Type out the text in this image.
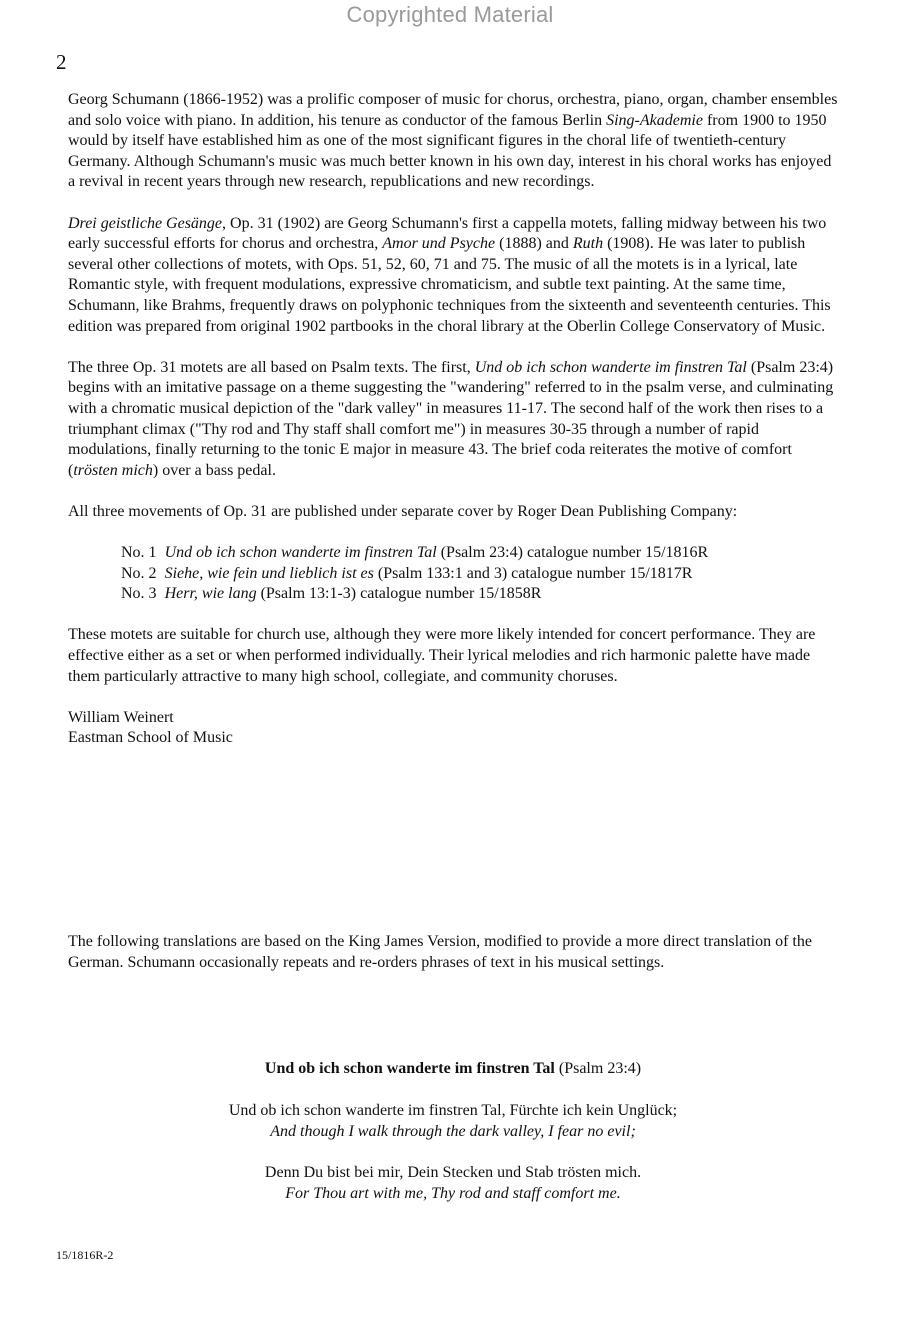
Copyrighted Material
2

Georg Schumann (1866-1952) was a prolific composer of music for chorus, orchestra, piano, organ, chamber ensembles and solo voice with piano. In addition, his tenure as conductor of the famous Berlin Sing-Akademie from 1900 to 1950 would by itself have established him as one of the most significant figures in the choral life of twentieth-century Germany. Although Schumann's music was much better known in his own day, interest in his choral works has enjoyed a revival in recent years through new research, republications and new recordings.

Drei geistliche Gesänge, Op. 31 (1902) are Georg Schumann's first a cappella motets, falling midway between his two early successful efforts for chorus and orchestra, Amor und Psyche (1888) and Ruth (1908). He was later to publish several other collections of motets, with Ops. 51, 52, 60, 71 and 75. The music of all the motets is in a lyrical, late Romantic style, with frequent modulations, expressive chromaticism, and subtle text painting. At the same time, Schumann, like Brahms, frequently draws on polyphonic techniques from the sixteenth and seventeenth centuries. This edition was prepared from original 1902 partbooks in the choral library at the Oberlin College Conservatory of Music.

The three Op. 31 motets are all based on Psalm texts. The first, Und ob ich schon wanderte im finstren Tal (Psalm 23:4) begins with an imitative passage on a theme suggesting the "wandering" referred to in the psalm verse, and culminating with a chromatic musical depiction of the "dark valley" in measures 11-17. The second half of the work then rises to a triumphant climax ("Thy rod and Thy staff shall comfort me") in measures 30-35 through a number of rapid modulations, finally returning to the tonic E major in measure 43. The brief coda reiterates the motive of comfort (trösten mich) over a bass pedal.

All three movements of Op. 31 are published under separate cover by Roger Dean Publishing Company:

No. 1 Und ob ich schon wanderte im finstren Tal (Psalm 23:4) catalogue number 15/1816R
No. 2 Siehe, wie fein und lieblich ist es (Psalm 133:1 and 3) catalogue number 15/1817R
No. 3 Herr, wie lang (Psalm 13:1-3) catalogue number 15/1858R

These motets are suitable for church use, although they were more likely intended for concert performance. They are effective either as a set or when performed individually. Their lyrical melodies and rich harmonic palette have made them particularly attractive to many high school, collegiate, and community choruses.

William Weinert
Eastman School of Music

The following translations are based on the King James Version, modified to provide a more direct translation of the German. Schumann occasionally repeats and re-orders phrases of text in his musical settings.

Und ob ich schon wanderte im finstren Tal (Psalm 23:4)

Und ob ich schon wanderte im finstren Tal, Fürchte ich kein Unglück;
And though I walk through the dark valley, I fear no evil;

Denn Du bist bei mir, Dein Stecken und Stab trösten mich.
For Thou art with me, Thy rod and staff comfort me.

15/1816R-2
